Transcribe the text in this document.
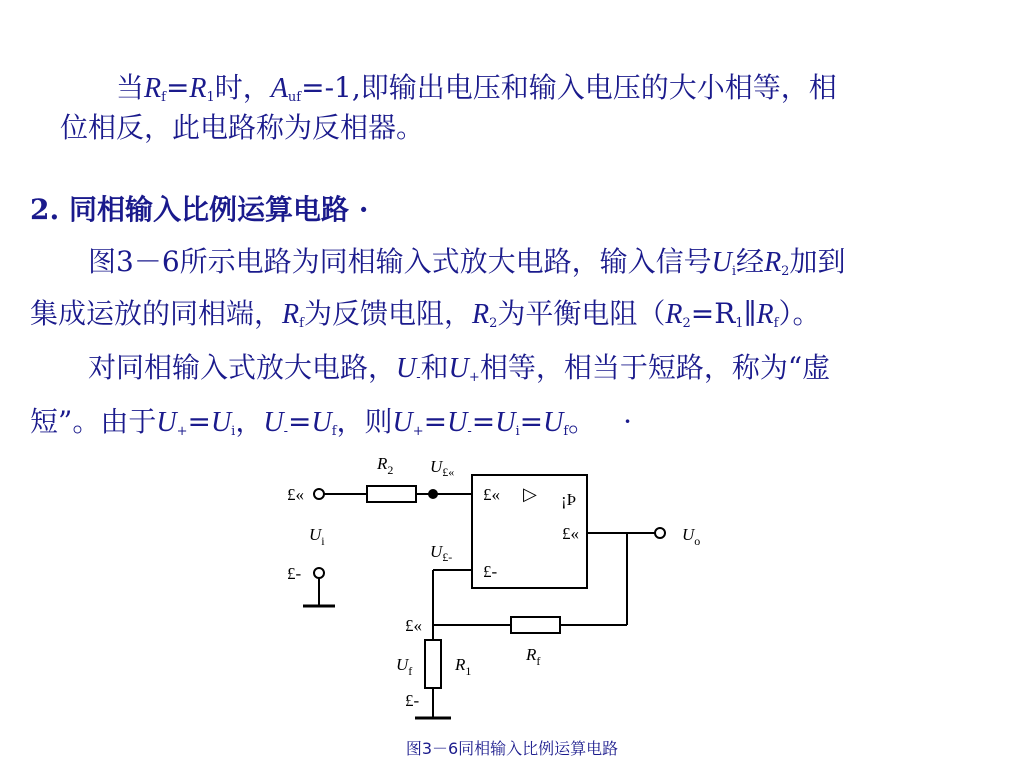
当$R_f=R_1$时，$A_{uf}=-1$,即输出电压和输入电压的大小相等，相
位相反，此电路称为反相器。
2. 同相输入比例运算电路 ·
图3－6所示电路为同相输入式放大电路，输入信号$U_i$经$R_2$加到
集成运放的同相端，$R_f$为反馈电阻，$R_2$为平衡电阻$(R_2=R_1\parallel R_f)$。
对同相输入式放大电路，$U_-$和$U_+$相等，相当于短路，称为“虚
短”。由于$U_+=U_i$，$U_-=U_f$，则$U_+=U_-=U_i=U_f$。 ·
$R_2$ $U_{£«}$
£«	£« ▷ ¡Þ
£«
$U_i$	$U_o$
£-
$U_{£-}$
£-
£«
$R_f$
$U_f$	$R_1$
£-
图3－6同相输入比例运算电路
